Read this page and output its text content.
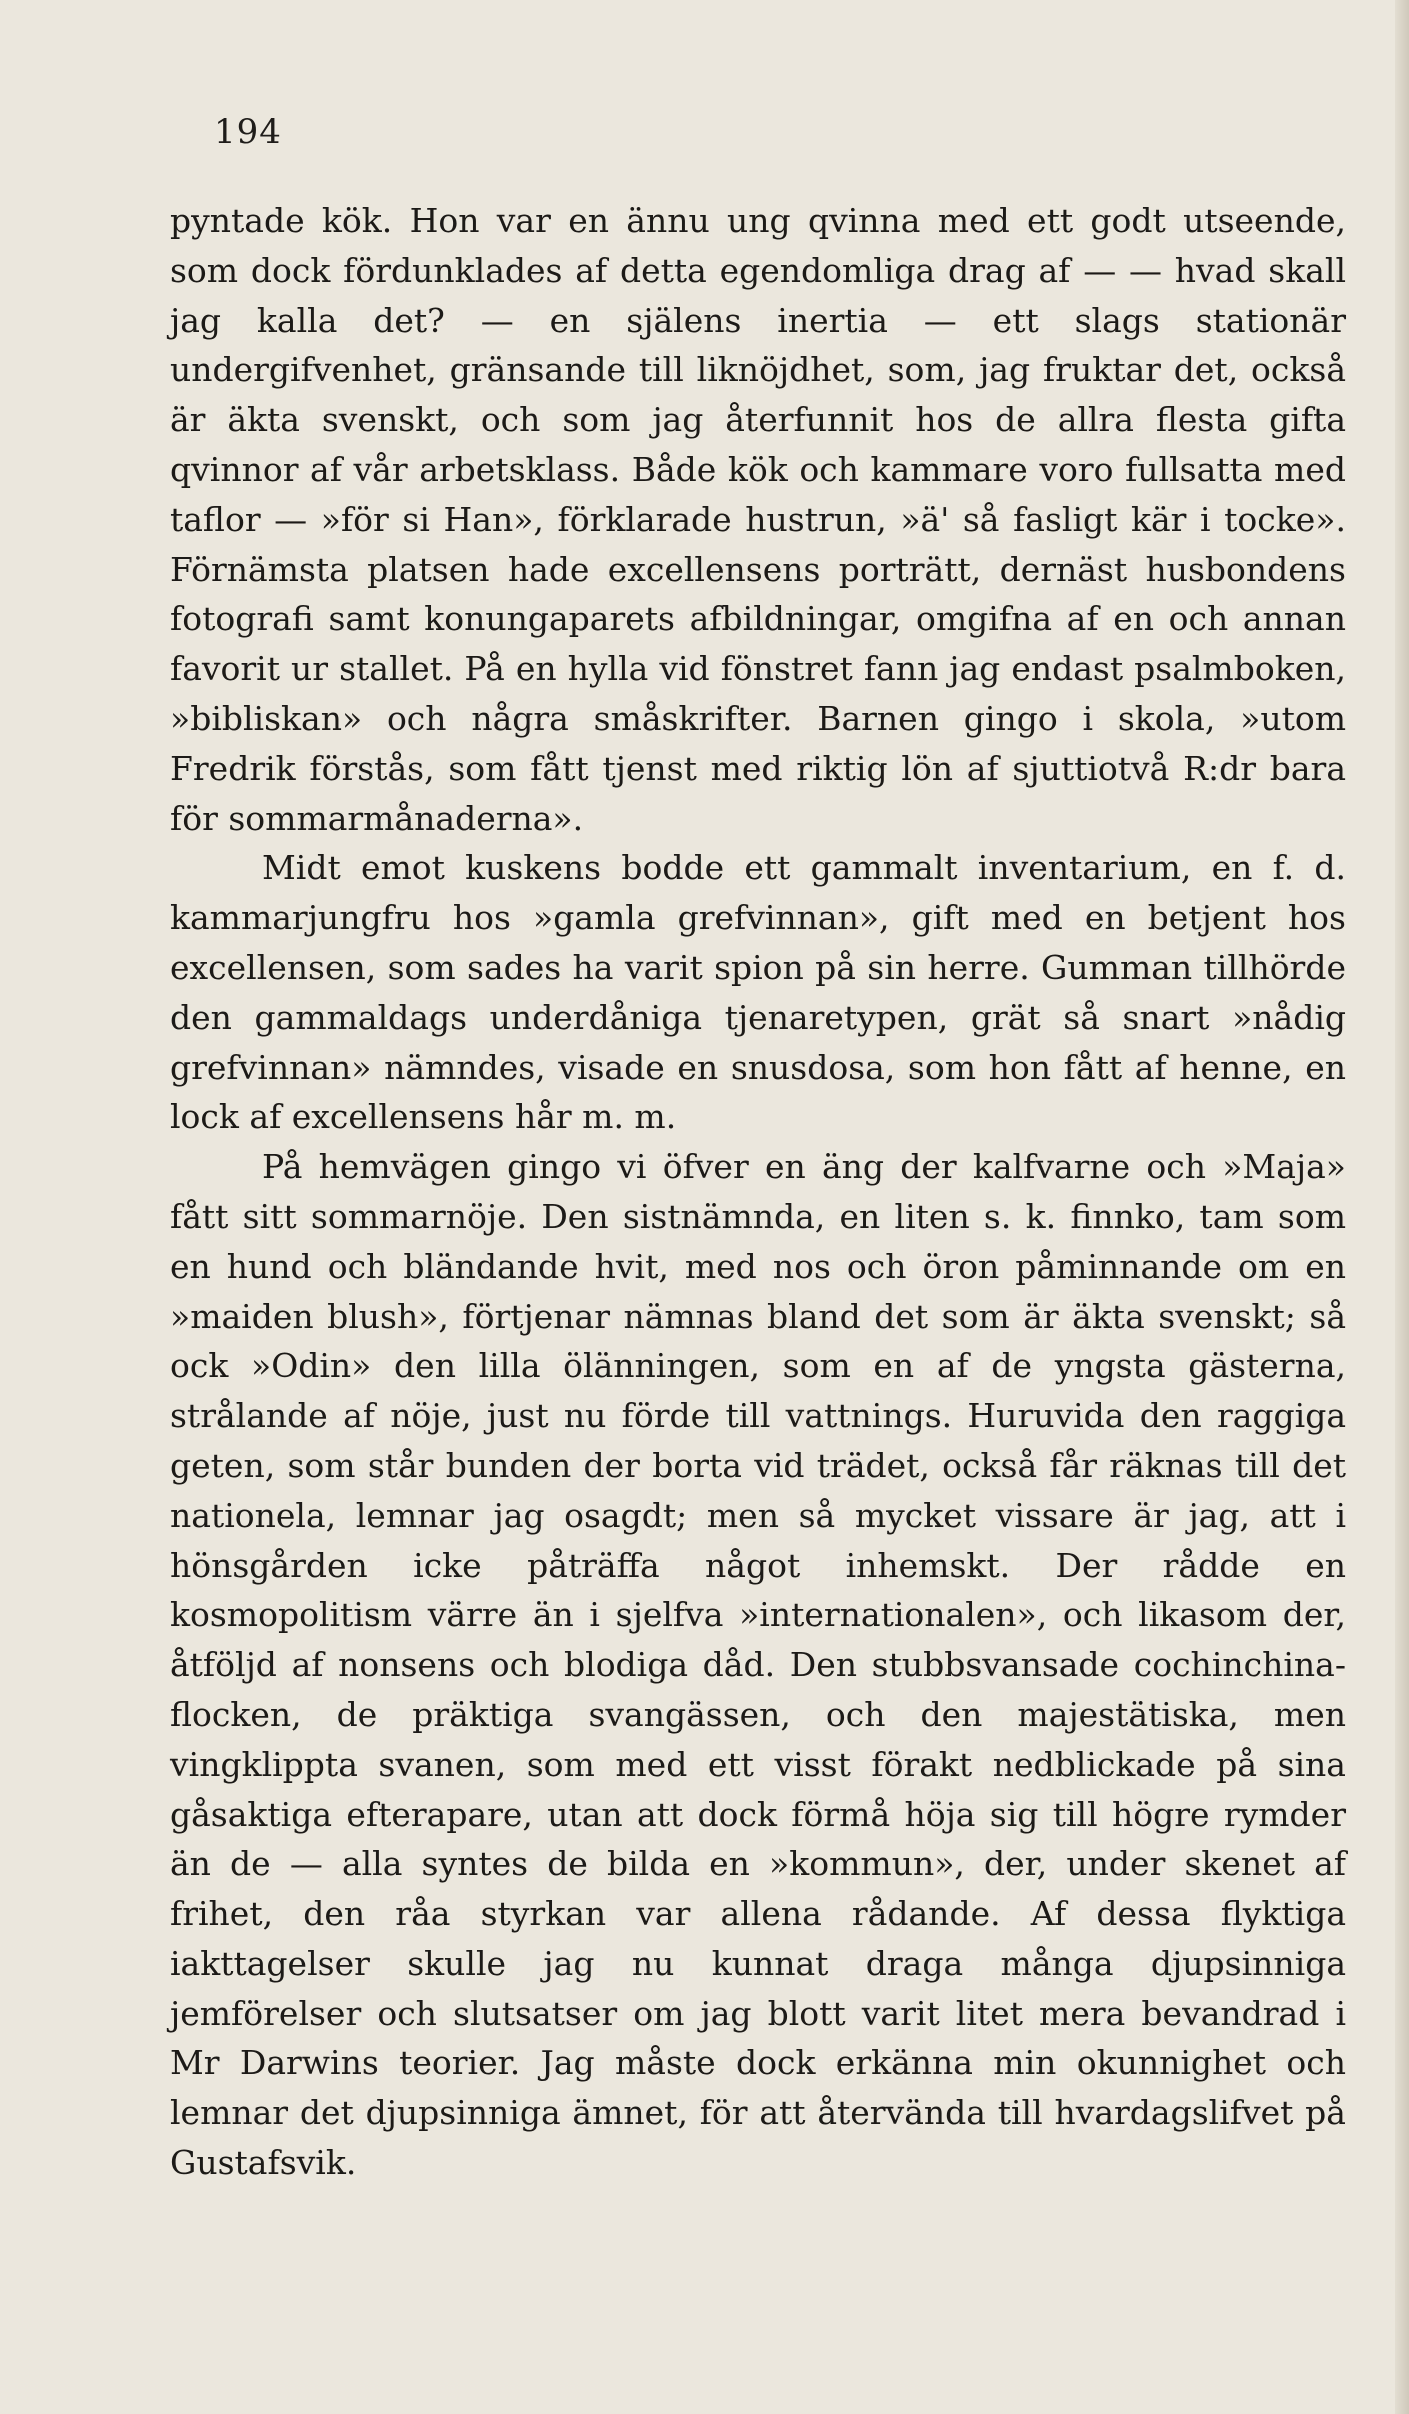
194

pyntade kök. Hon var en ännu ung qvinna med ett godt utseende, som dock fördunklades af detta egendomliga drag af — — hvad skall jag kalla det? — en själens inertia — ett slags stationär undergifvenhet, gränsande till liknöjdhet, som, jag fruktar det, också är äkta svenskt, och som jag återfunnit hos de allra flesta gifta qvinnor af vår arbetsklass. Både kök och kammare voro fullsatta med taflor — »för si Han», förklarade hustrun, »ä' så fasligt kär i tocke». Förnämsta platsen hade excellensens porträtt, dernäst husbondens fotografi samt konungaparets afbildningar, omgifna af en och annan favorit ur stallet. På en hylla vid fönstret fann jag endast psalmboken, »bibliskan» och några småskrifter. Barnen gingo i skola, »utom Fredrik förstås, som fått tjenst med riktig lön af sjuttiotvå R:dr bara för sommarmånaderna».

Midt emot kuskens bodde ett gammalt inventarium, en f. d. kammarjungfru hos »gamla grefvinnan», gift med en betjent hos excellensen, som sades ha varit spion på sin herre. Gumman tillhörde den gammaldags underdåniga tjenaretypen, grät så snart »nådig grefvinnan» nämndes, visade en snusdosa, som hon fått af henne, en lock af excellensens hår m. m.

På hemvägen gingo vi öfver en äng der kalfvarne och »Maja» fått sitt sommarnöje. Den sistnämnda, en liten s. k. finnko, tam som en hund och bländande hvit, med nos och öron påminnande om en »maiden blush», förtjenar nämnas bland det som är äkta svenskt; så ock »Odin» den lilla ölänningen, som en af de yngsta gästerna, strålande af nöje, just nu förde till vattnings. Huruvida den raggiga geten, som står bunden der borta vid trädet, också får räknas till det nationela, lemnar jag osagdt; men så mycket vissare är jag, att i hönsgården icke påträffa något inhemskt. Der rådde en kosmopolitism värre än i sjelfva »internationalen», och likasom der, åtföljd af nonsens och blodiga dåd. Den stubbsvansade cochinchina-flocken, de präktiga svangässen, och den majestätiska, men vingklippta svanen, som med ett visst förakt nedblickade på sina gåsaktiga efterapare, utan att dock förmå höja sig till högre rymder än de — alla syntes de bilda en »kommun», der, under skenet af frihet, den råa styrkan var allena rådande. Af dessa flyktiga iakttagelser skulle jag nu kunnat draga många djupsinniga jemförelser och slutsatser om jag blott varit litet mera bevandrad i Mr Darwins teorier. Jag måste dock erkänna min okunnighet och lemnar det djupsinniga ämnet, för att återvända till hvardagslifvet på Gustafsvik.
